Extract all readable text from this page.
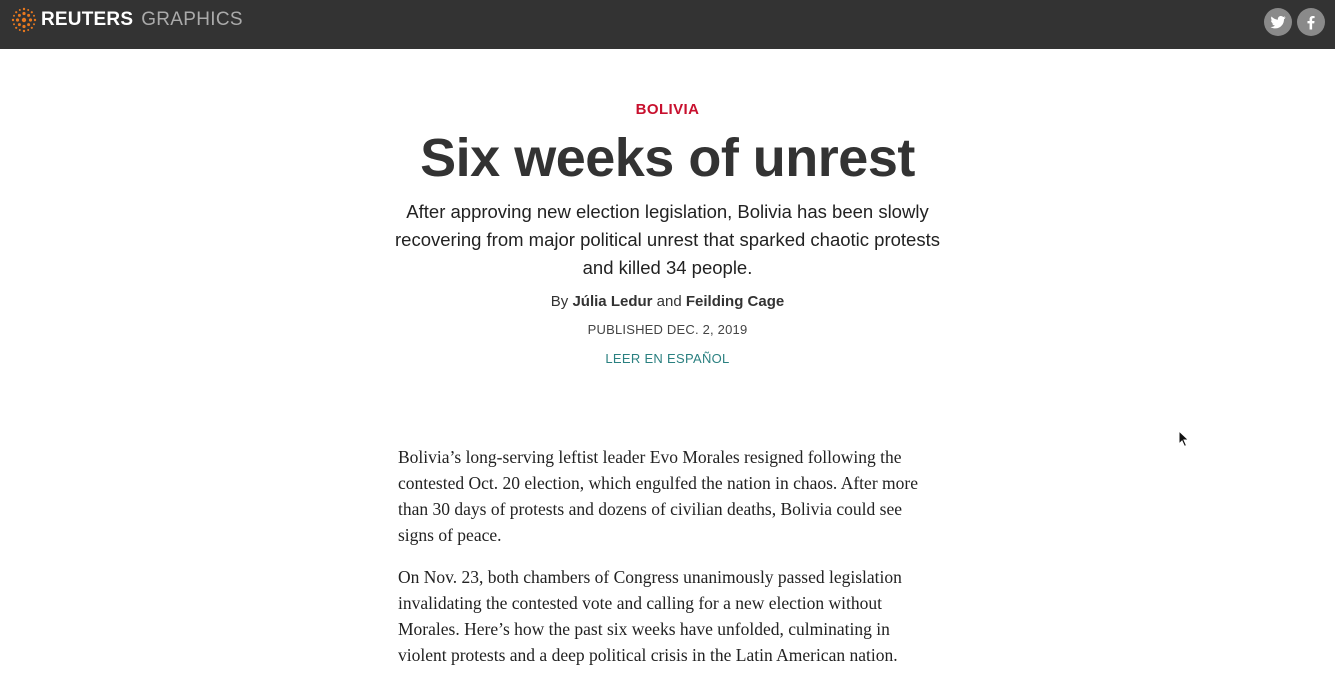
REUTERS GRAPHICS
BOLIVIA
Six weeks of unrest

After approving new election legislation, Bolivia has been slowly recovering from major political unrest that sparked chaotic protests and killed 34 people.

By Júlia Ledur and Feilding Cage
PUBLISHED DEC. 2, 2019
LEER EN ESPAÑOL

Bolivia’s long-serving leftist leader Evo Morales resigned following the contested Oct. 20 election, which engulfed the nation in chaos. After more than 30 days of protests and dozens of civilian deaths, Bolivia could see signs of peace.

On Nov. 23, both chambers of Congress unanimously passed legislation invalidating the contested vote and calling for a new election without Morales. Here’s how the past six weeks have unfolded, culminating in violent protests and a deep political crisis in the Latin American nation.
